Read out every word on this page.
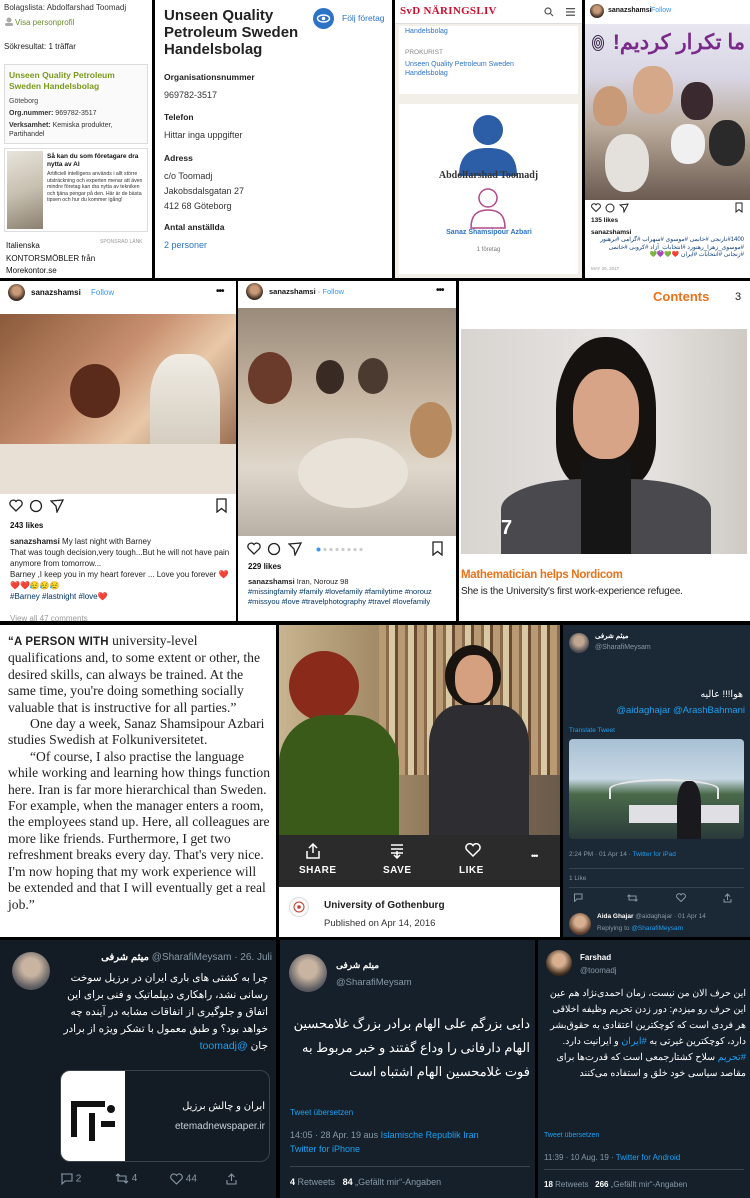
Bolagslista: Abdolfarshad Toomadj
Visa personprofil
Sökresultat: 1 träffar
Unseen Quality Petroleum Sweden Handelsbolag
Göteborg
Org.nummer: 969782-3517
Verksamhet: Kemiska produkter, Partihandel
Så kan du som företagare dra nytta av AI
Artificiell intelligens används i allt större utsträckning och experten menar att även mindre företag kan dra nytta av tekniken och tjäna pengar på den. Här är de bästa tipsen och hur du kommer igång!
SPONSRAD LÄNK
Italienska KONTORSMÖBLER från
Morekontor.se
Unseen Quality Petroleum Sweden Handelsbolag
Följ företag
Organisationsnummer
969782-3517
Telefon
Hittar inga uppgifter
Adress
c/o Toomadj
Jakobsdalsgatan 27
412 68 Göteborg
Antal anställda
2 personer
SvD NÄRINGSLIV
Handelsbolag
PROKURIST
Unseen Quality Petroleum Sweden Handelsbolag
Abdolfarshad Toomadj
Sanaz Shamsipour Azbari
1 företag
sanazshamsi Follow
ما تکرار کردیم!
135 likes
sanazshamsi
#1400نارنجی #خانمی #موسوی #سهراب #گرامی #برهنور #موسوی_زهرا_رهنورد #انتخابات_آزاد #کروبی #خاتمی #زنجانی #انتخابات #ایران ❤️💚💜💚
MAY 26, 2017
sanazshamsi Follow	•••
243 likes
sanazshamsi My last night with Barney
That was tough decision,very tough...But he will not have pain anymore from tomorrow...
Barney ,I keep you in my heart forever ... Love you forever ❤️❤️❤️😥😥😥
#Barney #lastnight #love❤️
View all 47 comments
sanazshamsi · Follow	•••
229 likes
sanazshamsi Iran, Norouz 98
#missingfamily #family #lovefamily #familytime #norouz #missyou #love #travelphotography #travel #lovefamily
Contents 3
7
Mathematician helps Nordicom
She is the University's first work-experience refugee.

“A PERSON WITH university-level qualifications and, to some extent or other, the desired skills, can always be trained. At the same time, you're doing something socially valuable that is instructive for all parties.”

One day a week, Sanaz Shamsipour Azbari studies Swedish at Folkuniversitetet.

“Of course, I also practise the language while working and learning how things function here. Iran is far more hierarchical than Sweden. For example, when the manager enters a room, the employees stand up. Here, all colleagues are more like friends. Furthermore, I get two refreshment breaks every day. That's very nice. I'm now hoping that my work experience will be extended and that I will eventually get a real job.”

SHARE	SAVE	LIKE
•••
University of Gothenburg
Published on Apr 14, 2016
میثم شرفی
@SharafiMeysam
هوا!!! عالیه
@aidaghajar @ArashBahmani
Translate Tweet
2:24 PM · 01 Apr 14 · Twitter for iPad
1 Like
Aida Ghajar @aidaghajar · 01 Apr 14
Replying to @SharafiMeysam
میثم شرفی @SharafiMeysam · 26. Juli
چرا به کشتی های باری ایران در برزیل سوخت رسانی نشد، راهکاری دیپلماتیک و فنی برای این اتفاق و جلوگیری از اتفاقات مشابه در آینده چه خواهد بود؟ و طبق معمول با تشکر ویژه از برادر جان @toomadj
ایران و چالش برزیل
etemadnewspaper.ir
2	4	44
میثم شرفی
@SharafiMeysam
دایی بزرگم علی الهام برادر بزرگ غلامحسین الهام دارفانی را وداع گفتند و خبر مربوط به فوت غلامحسین الهام اشتباه است
Tweet übersetzen
14:05 · 28 Apr. 19 aus Islamische Republik Iran
Twitter for iPhone
4 Retweets 84 „Gefällt mir“-Angaben
Farshad
@toomadj
این حرف الان من نیست، زمان احمدی‌نژاد هم عین این حرف رو میزدم: دور زدن تحریم وظیفه اخلاقی هر فردی است که کوچکترین اعتقادی به حقوق‌بشر دارد، کوچکترین غیرتی به #ایران و ایرانیت دارد. #تحریم سلاح کشتارجمعی است که قدرت‌ها برای مقاصد سیاسی خود خلق و استفاده می‌کنند
Tweet übersetzen
11:39 · 10 Aug. 19 · Twitter for Android
18 Retweets 266 „Gefällt mir“-Angaben
